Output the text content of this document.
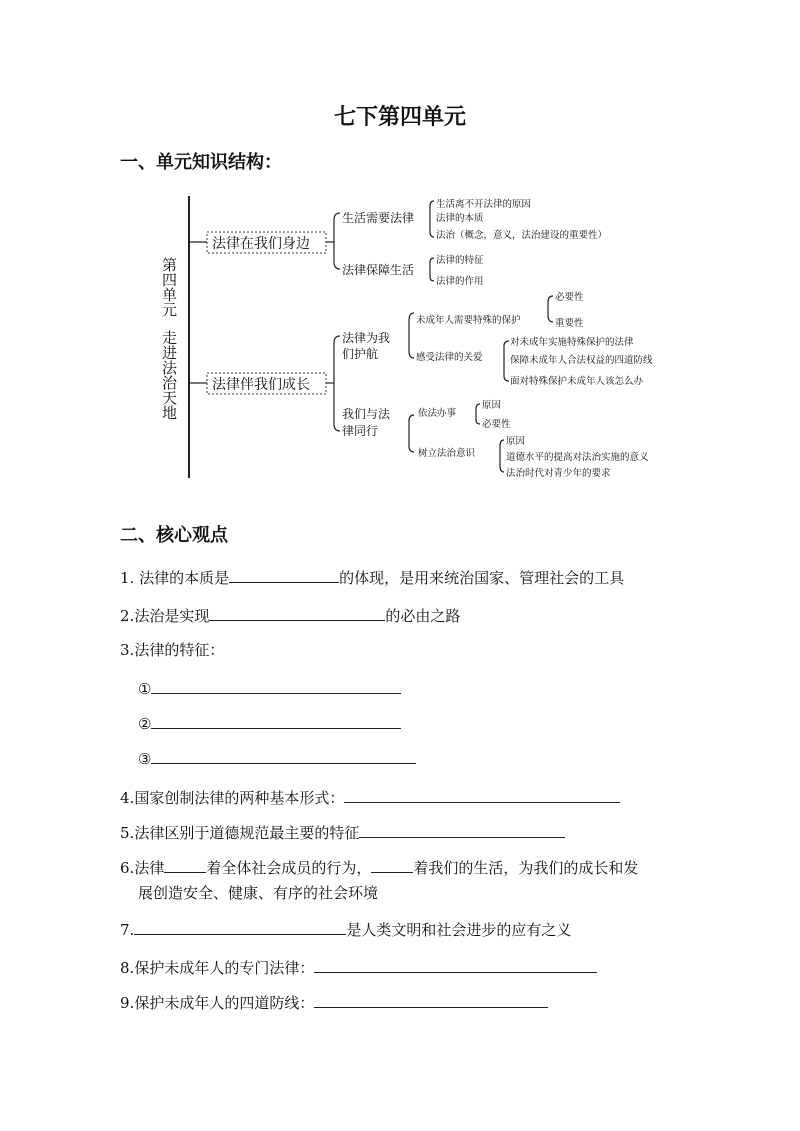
七下第四单元
一、单元知识结构：
第四单元
走进法治天地
法律在我们身边
生活需要法律
生活离不开法律的原因
法律的本质
法治（概念，意义，法治建设的重要性）
法律保障生活
法律的特征
法律的作用
法律伴我们成长
法律为我
们护航
未成年人需要特殊的保护
必要性
重要性
感受法律的关爱
对未成年实施特殊保护的法律
保障未成年人合法权益的四道防线
面对特殊保护未成年人该怎么办
我们与法
律同行
依法办事
原因
必要性
树立法治意识
原因
道德水平的提高对法治实施的意义
法治时代对青少年的要求
二、核心观点
1. 法律的本质是	的体现，是用来统治国家、管理社会的工具
2.法治是实现	的必由之路
3.法律的特征：
①
②
③
4.国家创制法律的两种基本形式：
5.法律区别于道德规范最主要的特征
6.法律	着全体社会成员的行为，	着我们的生活，为我们的成长和发
展创造安全、健康、有序的社会环境
7.	是人类文明和社会进步的应有之义
8.保护未成年人的专门法律：
9.保护未成年人的四道防线：
